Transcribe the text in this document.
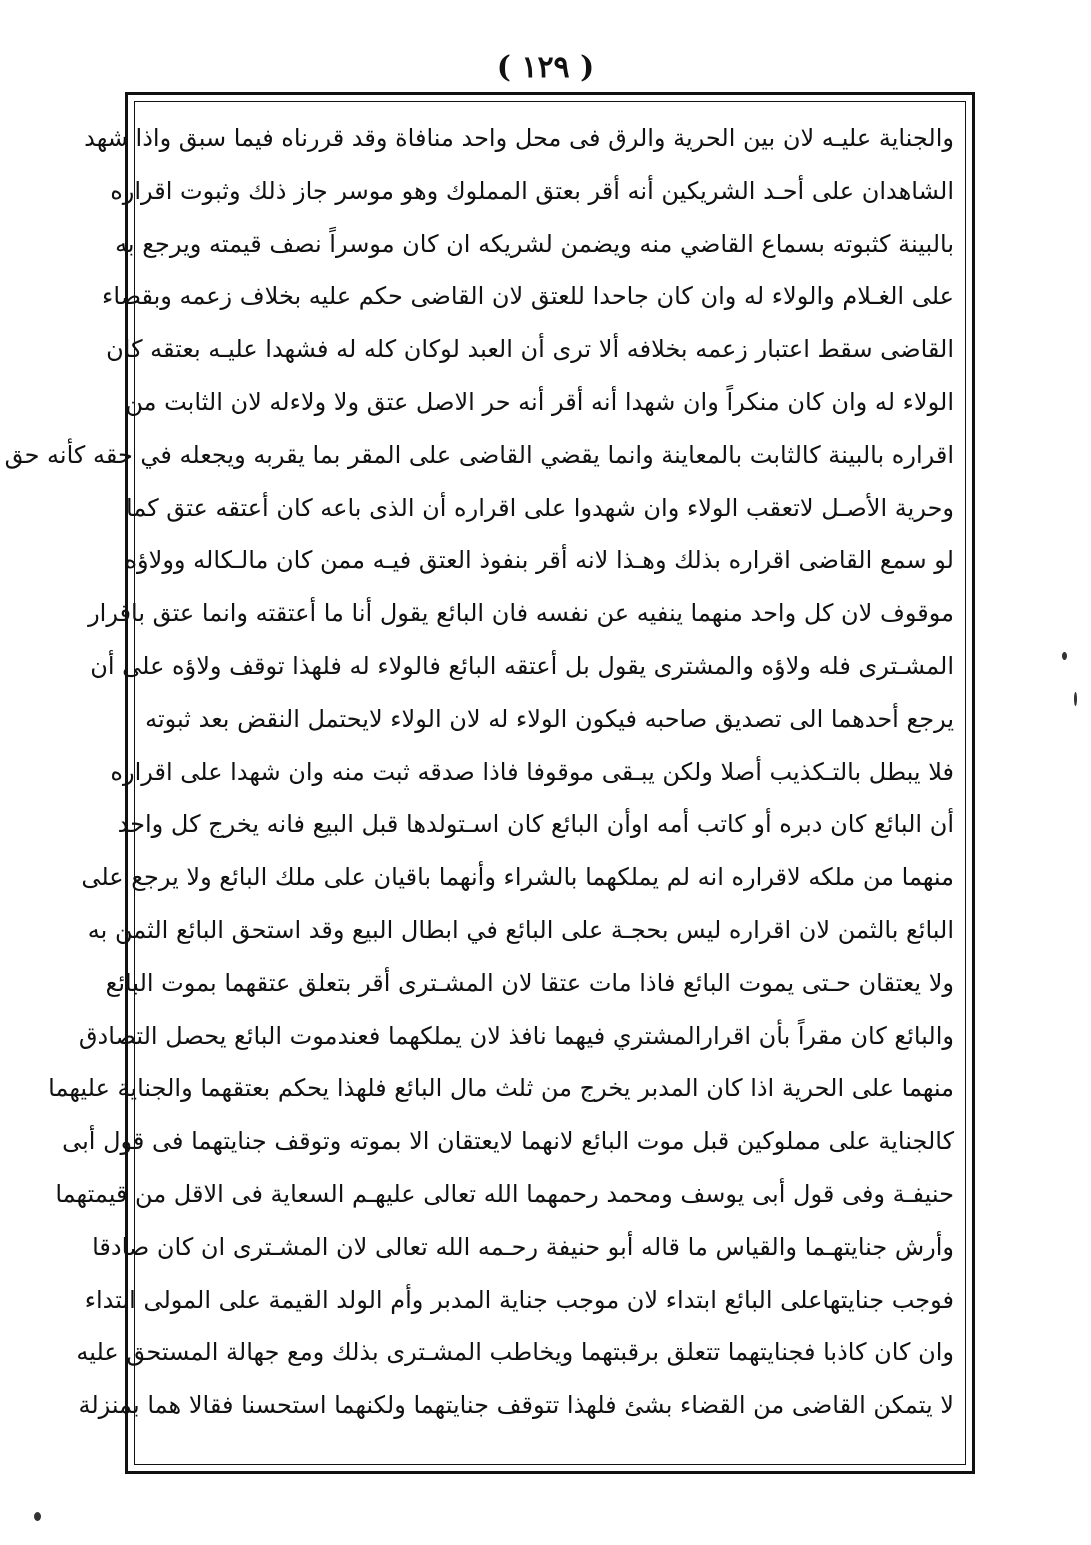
( ١٢٩ )
والجناية عليـه لان بين الحرية والرق فى محل واحد منافاة وقد قررناه فيما سبق واذا شهد
الشاهدان على أحـد الشريكين أنه أقر بعتق المملوك وهو موسر جاز ذلك وثبوت اقراره
بالبينة كثبوته بسماع القاضي منه ويضمن لشريكه ان كان موسراً نصف قيمته ويرجع به
على الغـلام والولاء له وان كان جاحدا للعتق لان القاضى حكم عليه بخلاف زعمه وبقضاء
القاضى سقط اعتبار زعمه بخلافه ألا ترى أن العبد لوكان كله له فشهدا عليـه بعتقه كان
الولاء له وان كان منكراً وان شهدا أنه أقر أنه حر الاصل عتق ولا ولاءله لان الثابت من
اقراره بالبينة كالثابت بالمعاينة وانما يقضي القاضى على المقر بما يقربه ويجعله في حقه كأنه حق
وحرية الأصـل لاتعقب الولاء وان شهدوا على اقراره أن الذى باعه كان أعتقه عتق كما
لو سمع القاضى اقراره بذلك وهـذا لانه أقر بنفوذ العتق فيـه ممن كان مالـكاله وولاؤه
موقوف لان كل واحد منهما ينفيه عن نفسه فان البائع يقول أنا ما أعتقته وانما عتق باقرار
المشـترى فله ولاؤه والمشترى يقول بل أعتقه البائع فالولاء له فلهذا توقف ولاؤه على أن
يرجع أحدهما الى تصديق صاحبه فيكون الولاء له لان الولاء لايحتمل النقض بعد ثبوته
فلا يبطل بالتـكذيب أصلا ولكن يبـقى موقوفا فاذا صدقه ثبت منه وان شهدا على اقراره
أن البائع كان دبره أو كاتب أمه اوأن البائع كان اسـتولدها قبل البيع فانه يخرج كل واحد
منهما من ملكه لاقراره انه لم يملكهما بالشراء وأنهما باقيان على ملك البائع ولا يرجع على
البائع بالثمن لان اقراره ليس بحجـة على البائع في ابطال البيع وقد استحق البائع الثمن به
ولا يعتقان حـتى يموت البائع فاذا مات عتقا لان المشـترى أقر بتعلق عتقهما بموت البائع
والبائع كان مقراً بأن اقرارالمشتري فيهما نافذ لان يملكهما فعندموت البائع يحصل التصادق
منهما على الحرية اذا كان المدبر يخرج من ثلث مال البائع فلهذا يحكم بعتقهما والجناية عليهما
كالجناية على مملوكين قبل موت البائع لانهما لايعتقان الا بموته وتوقف جنايتهما فى قول أبى
حنيفـة وفى قول أبى يوسف ومحمد رحمهما الله تعالى عليهـم السعاية فى الاقل من قيمتهما
وأرش جنايتهـما والقياس ما قاله أبو حنيفة رحـمه الله تعالى لان المشـترى ان كان صادقا
فوجب جنايتهاعلى البائع ابتداء لان موجب جناية المدبر وأم الولد القيمة على المولى ابتداء
وان كان كاذبا فجنايتهما تتعلق برقبتهما ويخاطب المشـترى بذلك ومع جهالة المستحق عليه
لا يتمكن القاضى من القضاء بشئ فلهذا تتوقف جنايتهما ولكنهما استحسنا فقالا هما بمنزلة
